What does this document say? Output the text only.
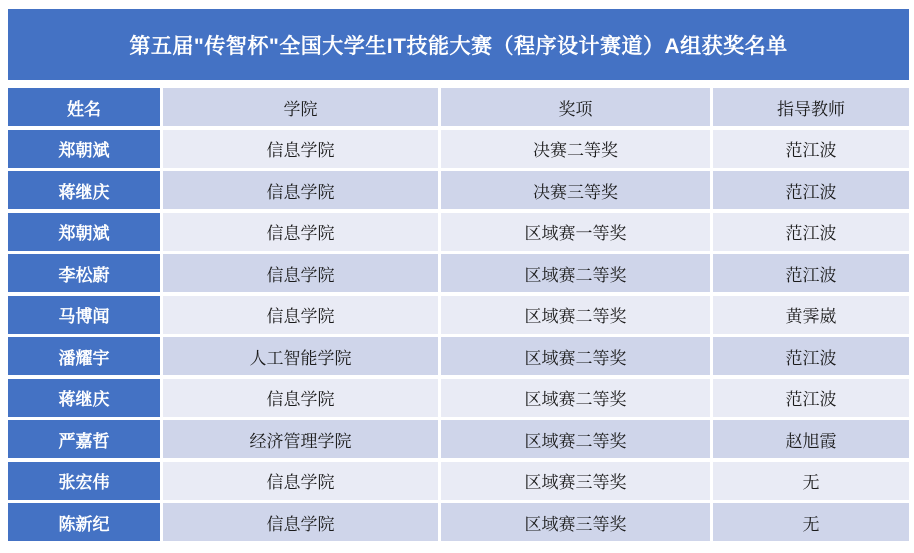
第五届"传智杯"全国大学生IT技能大赛（程序设计赛道）A组获奖名单
姓名	学院	奖项	指导教师
郑朝斌	信息学院	决赛二等奖	范江波
蒋继庆	信息学院	决赛三等奖	范江波
郑朝斌	信息学院	区域赛一等奖	范江波
李松蔚	信息学院	区域赛二等奖	范江波
马博闻	信息学院	区域赛二等奖	黄霁崴
潘耀宇	人工智能学院	区域赛二等奖	范江波
蒋继庆	信息学院	区域赛二等奖	范江波
严嘉哲	经济管理学院	区域赛二等奖	赵旭霞
张宏伟	信息学院	区域赛三等奖	无
陈新纪	信息学院	区域赛三等奖	无
